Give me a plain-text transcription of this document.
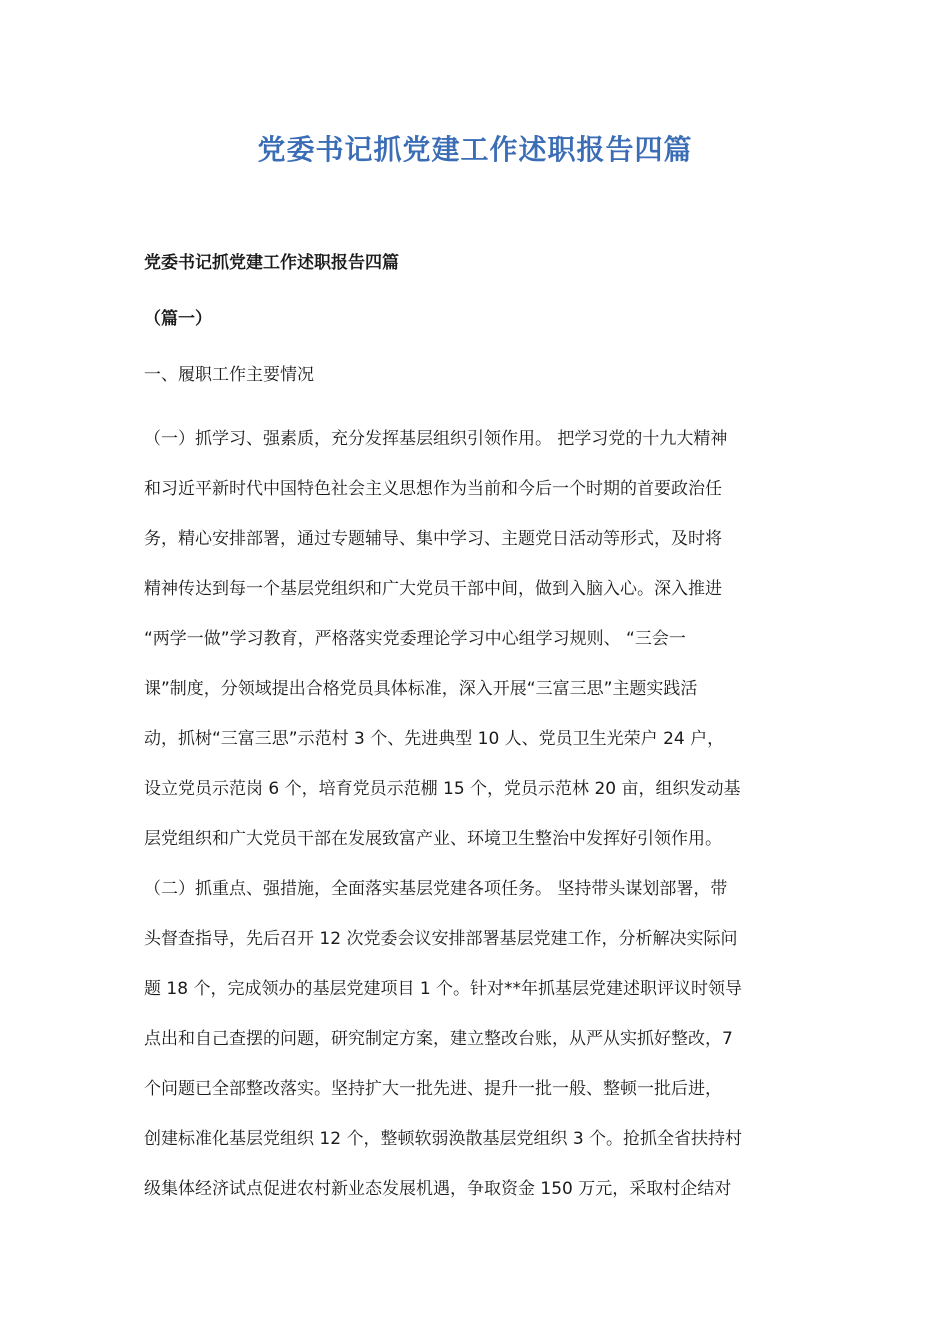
党委书记抓党建工作述职报告四篇

党委书记抓党建工作述职报告四篇

（篇一）

一、履职工作主要情况

（一）抓学习、强素质，充分发挥基层组织引领作用。 把学习党的十九大精神
和习近平新时代中国特色社会主义思想作为当前和今后一个时期的首要政治任
务，精心安排部署，通过专题辅导、集中学习、主题党日活动等形式，及时将
精神传达到每一个基层党组织和广大党员干部中间，做到入脑入心。深入推进
“两学一做”学习教育，严格落实党委理论学习中心组学习规则、 “三会一
课”制度，分领域提出合格党员具体标准，深入开展“三富三思”主题实践活
动，抓树“三富三思”示范村 3 个、先进典型 10 人、党员卫生光荣户 24 户，
设立党员示范岗 6 个，培育党员示范棚 15 个，党员示范林 20 亩，组织发动基
层党组织和广大党员干部在发展致富产业、环境卫生整治中发挥好引领作用。
（二）抓重点、强措施，全面落实基层党建各项任务。 坚持带头谋划部署，带
头督查指导，先后召开 12 次党委会议安排部署基层党建工作，分析解决实际问
题 18 个，完成领办的基层党建项目 1 个。针对**年抓基层党建述职评议时领导
点出和自己查摆的问题，研究制定方案，建立整改台账，从严从实抓好整改，7
个问题已全部整改落实。坚持扩大一批先进、提升一批一般、整顿一批后进，
创建标准化基层党组织 12 个，整顿软弱涣散基层党组织 3 个。抢抓全省扶持村
级集体经济试点促进农村新业态发展机遇，争取资金 150 万元，采取村企结对
